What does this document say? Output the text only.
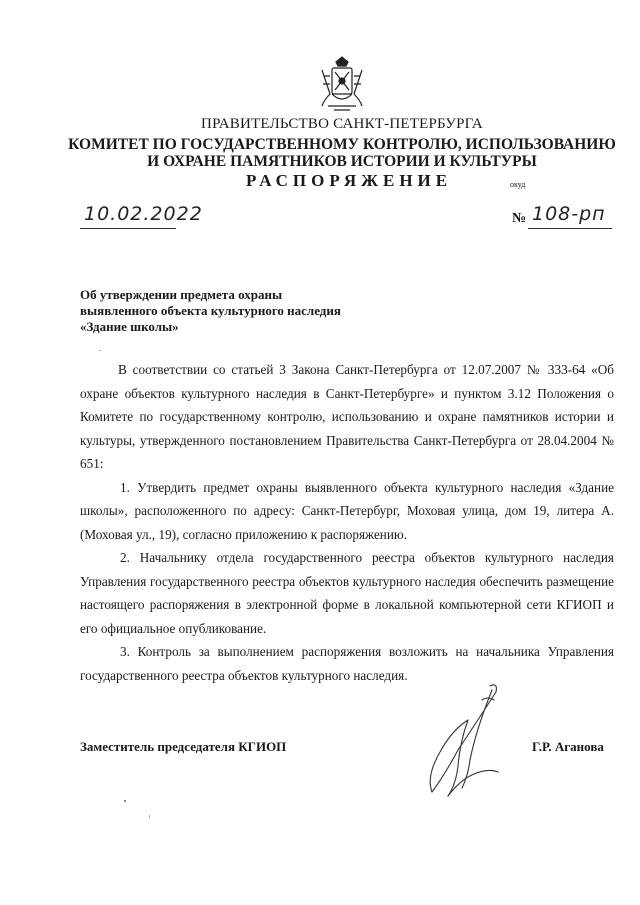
ПРАВИТЕЛЬСТВО САНКТ-ПЕТЕРБУРГА
КОМИТЕТ ПО ГОСУДАРСТВЕННОМУ КОНТРОЛЮ, ИСПОЛЬЗОВАНИЮ
И ОХРАНЕ ПАМЯТНИКОВ ИСТОРИИ И КУЛЬТУРЫ
РАСПОРЯЖЕНИЕ	окуд
10.02.2022	№ 108-рп
Об утверждении предмета охраны
выявленного объекта культурного наследия
«Здание школы»

В соответствии со статьей 3 Закона Санкт-Петербурга от 12.07.2007 № 333-64 «Об охране объектов культурного наследия в Санкт-Петербурге» и пунктом 3.12 Положения о Комитете по государственному контролю, использованию и охране памятников истории и культуры, утвержденного постановлением Правительства Санкт-Петербурга от 28.04.2004 № 651:

1. Утвердить предмет охраны выявленного объекта культурного наследия «Здание школы», расположенного по адресу: Санкт-Петербург, Моховая улица, дом 19, литера А. (Моховая ул., 19), согласно приложению к распоряжению.

2. Начальнику отдела государственного реестра объектов культурного наследия Управления государственного реестра объектов культурного наследия обеспечить размещение настоящего распоряжения в электронной форме в локальной компьютерной сети КГИОП и его официальное опубликование.

3. Контроль за выполнением распоряжения возложить на начальника Управления государственного реестра объектов культурного наследия.

Заместитель председателя КГИОП	Г.Р. Аганова
